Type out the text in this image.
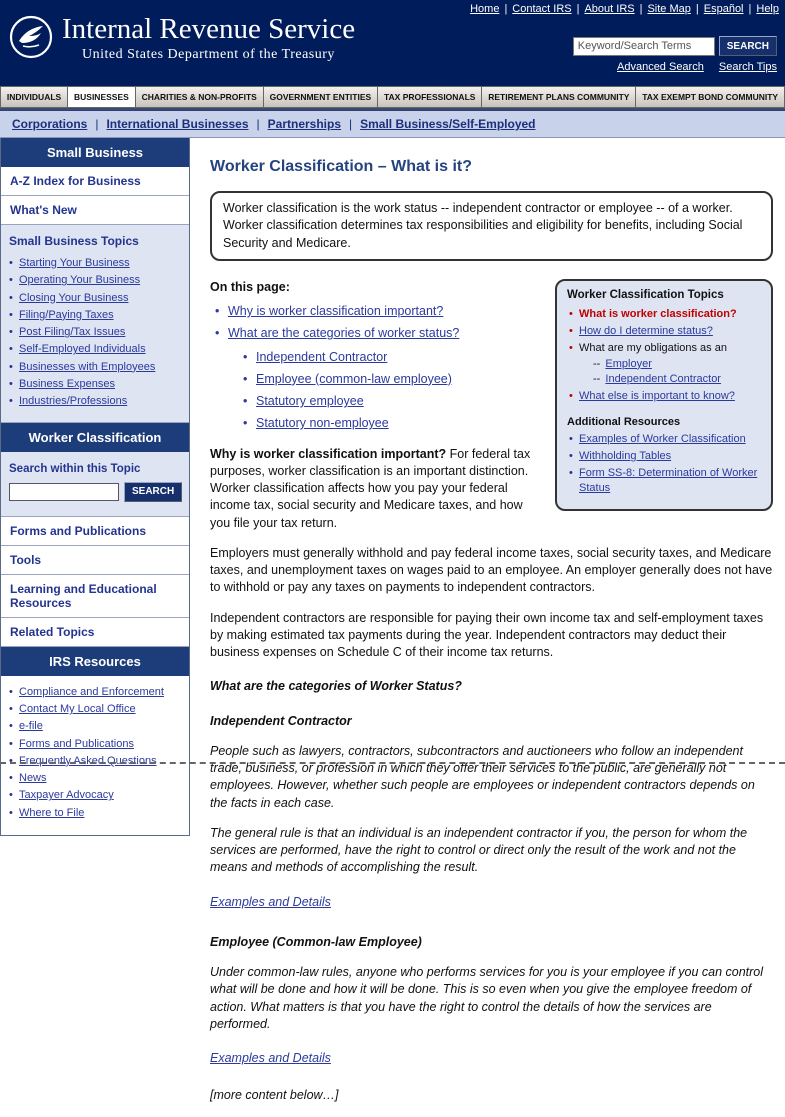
Home | Contact IRS | About IRS | Site Map | Español | Help
Internal Revenue Service
United States Department of the Treasury
Keyword/Search Terms
SEARCH
Advanced Search Search Tips
INDIVIDUALS	BUSINESSES	CHARITIES & NON-PROFITS	GOVERNMENT ENTITIES	TAX PROFESSIONALS	RETIREMENT PLANS COMMUNITY	TAX EXEMPT BOND COMMUNITY
Corporations | International Businesses | Partnerships | Small Business/Self-Employed
Small Business
A-Z Index for Business
What's New
Small Business Topics
• Starting Your Business
• Operating Your Business
• Closing Your Business
• Filing/Paying Taxes
• Post Filing/Tax Issues
• Self-Employed Individuals
• Businesses with Employees
• Business Expenses
• Industries/Professions
Worker Classification
Search within this Topic
SEARCH
Forms and Publications
Tools
Learning and Educational Resources
Related Topics
IRS Resources
• Compliance and Enforcement
• Contact My Local Office
• e-file
• Forms and Publications
• Frequently Asked Questions
• News
• Taxpayer Advocacy
• Where to File
Worker Classification – What is it?
Worker classification is the work status -- independent contractor or employee -- of a worker. Worker classification determines tax responsibilities and eligibility for benefits, including Social Security and Medicare.
Worker Classification Topics
• What is worker classification?
• How do I determine status?
• What are my obligations as an
-- Employer
-- Independent Contractor
• What else is important to know?
Additional Resources
• Examples of Worker Classification
• Withholding Tables
• Form SS-8: Determination of Worker Status
On this page:
• Why is worker classification important?
• What are the categories of worker status?
• Independent Contractor
• Employee (common-law employee)
• Statutory employee
• Statutory non-employee
Why is worker classification important? For federal tax purposes, worker classification is an important distinction. Worker classification affects how you pay your federal income tax, social security and Medicare taxes, and how you file your tax return.
Employers must generally withhold and pay federal income taxes, social security taxes, and Medicare taxes, and unemployment taxes on wages paid to an employee. An employer generally does not have to withhold or pay any taxes on payments to independent contractors.
Independent contractors are responsible for paying their own income tax and self-employment taxes by making estimated tax payments during the year. Independent contractors may deduct their business expenses on Schedule C of their income tax returns.
What are the categories of Worker Status?
Independent Contractor
People such as lawyers, contractors, subcontractors and auctioneers who follow an independent trade, business, or profession in which they offer their services to the public, are generally not employees. However, whether such people are employees or independent contractors depends on the facts in each case.
The general rule is that an individual is an independent contractor if you, the person for whom the services are performed, have the right to control or direct only the result of the work and not the means and methods of accomplishing the result.
Examples and Details
Employee (Common-law Employee)
Under common-law rules, anyone who performs services for you is your employee if you can control what will be done and how it will be done. This is so even when you give the employee freedom of action. What matters is that you have the right to control the details of how the services are performed.
Examples and Details
[more content below…]
